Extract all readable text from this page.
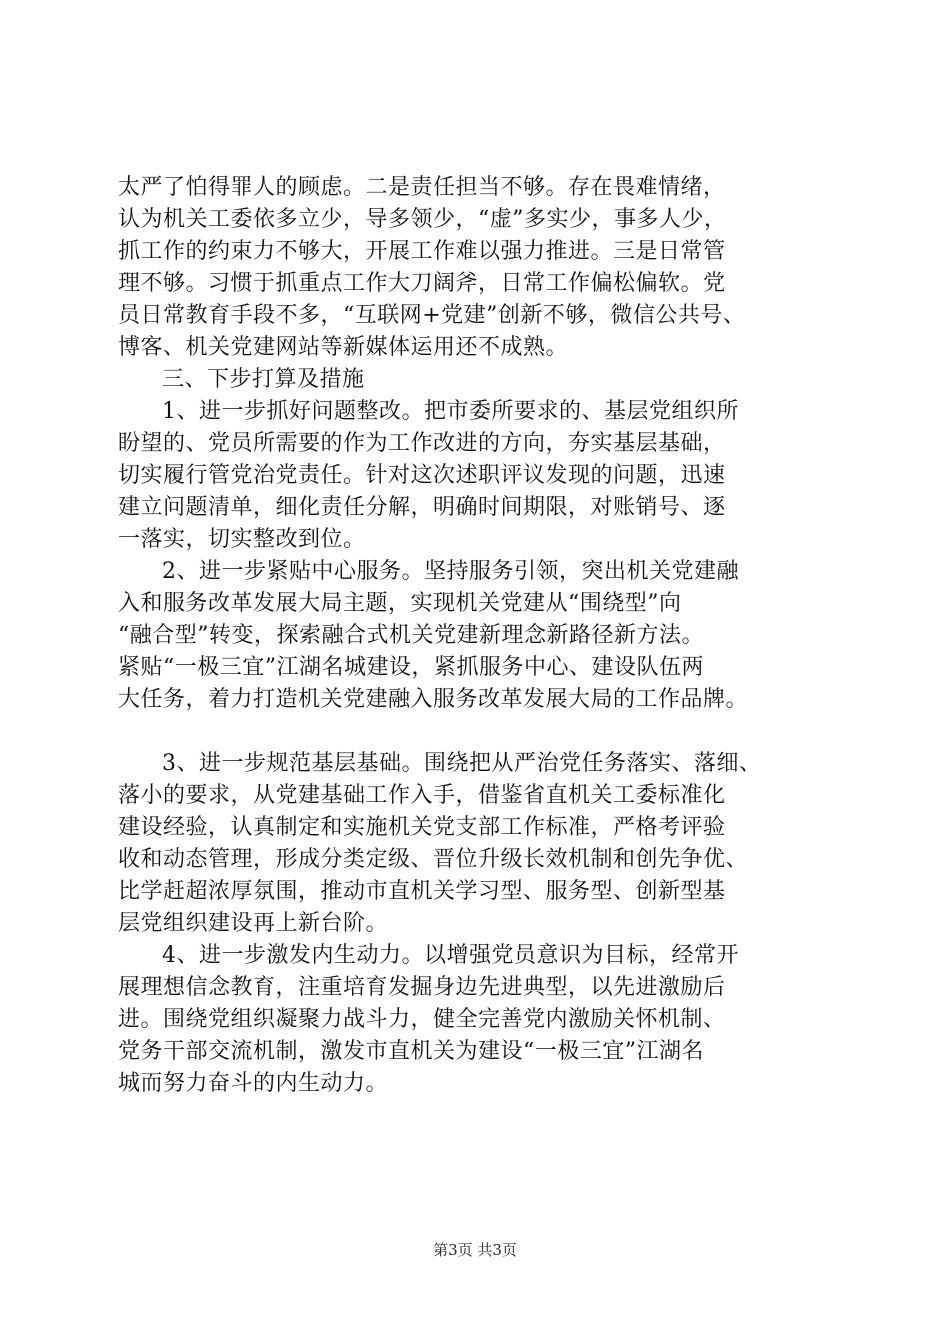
太严了怕得罪人的顾虑。二是责任担当不够。存在畏难情绪，
认为机关工委依多立少，导多领少，“虚”多实少，事多人少，
抓工作的约束力不够大，开展工作难以强力推进。三是日常管
理不够。习惯于抓重点工作大刀阔斧，日常工作偏松偏软。党
员日常教育手段不多，“互联网+党建”创新不够，微信公共号、
博客、机关党建网站等新媒体运用还不成熟。
三、下步打算及措施
1、进一步抓好问题整改。把市委所要求的、基层党组织所
盼望的、党员所需要的作为工作改进的方向，夯实基层基础，
切实履行管党治党责任。针对这次述职评议发现的问题，迅速
建立问题清单，细化责任分解，明确时间期限，对账销号、逐
一落实，切实整改到位。
2、进一步紧贴中心服务。坚持服务引领，突出机关党建融
入和服务改革发展大局主题，实现机关党建从“围绕型”向
“融合型”转变，探索融合式机关党建新理念新路径新方法。
紧贴“一极三宜”江湖名城建设，紧抓服务中心、建设队伍两
大任务，着力打造机关党建融入服务改革发展大局的工作品牌。
3、进一步规范基层基础。围绕把从严治党任务落实、落细、
落小的要求，从党建基础工作入手，借鉴省直机关工委标准化
建设经验，认真制定和实施机关党支部工作标准，严格考评验
收和动态管理，形成分类定级、晋位升级长效机制和创先争优、
比学赶超浓厚氛围，推动市直机关学习型、服务型、创新型基
层党组织建设再上新台阶。
4、进一步激发内生动力。以增强党员意识为目标，经常开
展理想信念教育，注重培育发掘身边先进典型，以先进激励后
进。围绕党组织凝聚力战斗力，健全完善党内激励关怀机制、
党务干部交流机制，激发市直机关为建设“一极三宜”江湖名
城而努力奋斗的内生动力。
第3页 共3页
